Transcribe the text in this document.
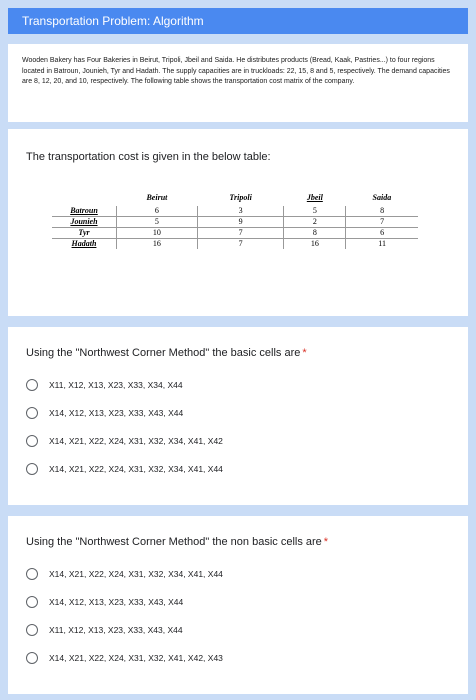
Transportation Problem: Algorithm

Wooden Bakery has Four Bakeries in Beirut, Tripoli, Jbeil and Saida. He distributes products (Bread, Kaak, Pastries...) to four regions located in Batroun, Jounieh, Tyr and Hadath. The supply capacities are in truckloads: 22, 15, 8 and 5, respectively. The demand capacities are 8, 12, 20, and 10, respectively. The following table shows the transportation cost matrix of the company.

The transportation cost is given in the below table:
	Beirut	Tripoli	Jbeil	Saida
Batroun	6	3	5	8
Jounieh	5	9	2	7
Tyr	10	7	8	6
Hadath	16	7	16	11
Using the "Northwest Corner Method" the basic cells are *
X11, X12, X13, X23, X33, X34, X44
X14, X12, X13, X23, X33, X43, X44
X14, X21, X22, X24, X31, X32, X34, X41, X42
X14, X21, X22, X24, X31, X32, X34, X41, X44
Using the "Northwest Corner Method" the non basic cells are *
X14, X21, X22, X24, X31, X32, X34, X41, X44
X14, X12, X13, X23, X33, X43, X44
X11, X12, X13, X23, X33, X43, X44
X14, X21, X22, X24, X31, X32, X41, X42, X43
